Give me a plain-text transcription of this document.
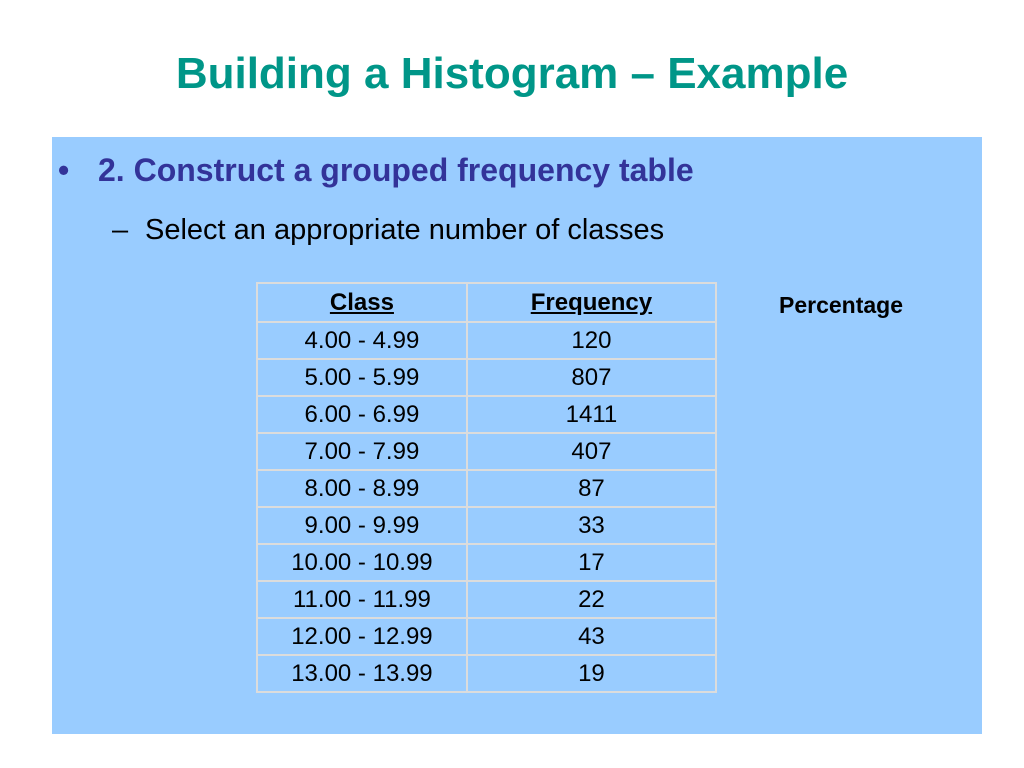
Building a Histogram – Example
• 2. Construct a grouped frequency table
– Select an appropriate number of classes
Class	Frequency
4.00 - 4.99	120
5.00 - 5.99	807
6.00 - 6.99	1411
7.00 - 7.99	407
8.00 - 8.99	87
9.00 - 9.99	33
10.00 - 10.99	17
11.00 - 11.99	22
12.00 - 12.99	43
13.00 - 13.99	19
Percentage
